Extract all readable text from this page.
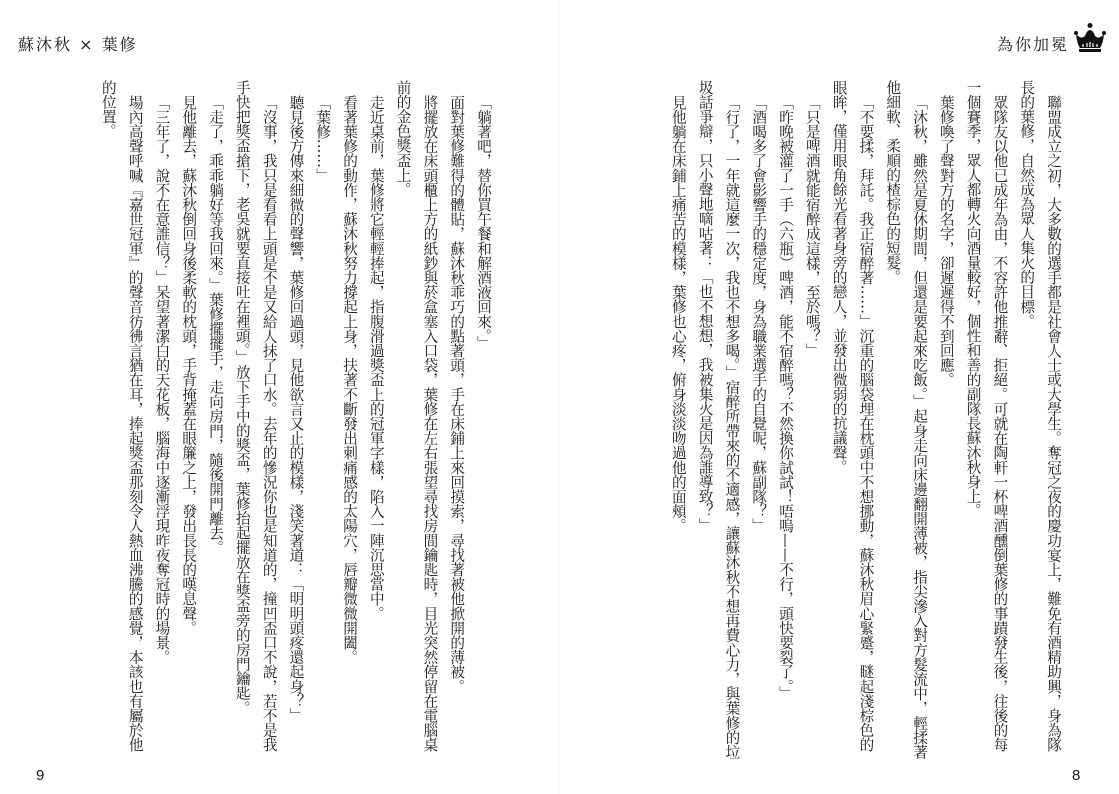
蘇沐秋 × 葉修	為你加冕

聯盟成立之初，大多數的選手都是社會人士或大學生。奪冠之夜的慶功宴上，難免有酒精助興，身為隊長的葉修，自然成為眾人集火的目標。

眾隊友以他已成年為由，不容許他推辭、拒絕。可就在陶軒一杯啤酒醺倒葉修的事蹟發生後，往後的每一個賽季，眾人都轉火向酒量較好，個性和善的副隊長蘇沐秋身上。

葉修喚了聲對方的名字，卻遲遲得不到回應。

「沐秋，雖然是夏休期間，但還是要起來吃飯。」起身走向床邊翻開薄被，指尖滲入對方髮流中，輕揉著他細軟、柔順的楂棕色的短髮。

「不要揉，拜託。我正宿醉著……」沉重的腦袋埋在枕頭中不想挪動，蘇沐秋眉心緊蹙，瞇起淺棕色的眼眸，僅用眼角餘光看著身旁的戀人，並發出微弱的抗議聲。

「只是啤酒就能宿醉成這樣，至於嗎？」

「昨晚被灌了一手（六瓶）啤酒，能不宿醉嗎？不然換你試試！唔嗚——不行，頭快要裂了。」

「酒喝多了會影響手的穩定度，身為職業選手的自覺呢，蘇副隊？」

「行了，一年就這麼一次，我也不想多喝。」宿醉所帶來的不適感，讓蘇沐秋不想再費心力，與葉修的垃圾話爭辯，只小聲地嘀咕著：「也不想想，我被集火是因為誰導致？」

見他躺在床鋪上痛苦的模樣，葉修也心疼，俯身淡淡吻過他的面頰。

「躺著吧，替你買午餐和解酒液回來。」

面對葉修難得的體貼，蘇沐秋乖巧的點著頭，手在床鋪上來回摸索，尋找著被他掀開的薄被。

將擺放在床頭櫃上方的紙鈔與菸盒塞入口袋，葉修在左右張望尋找房間鑰匙時，目光突然停留在電腦桌前的金色獎盃上。

走近桌前，葉修將它輕輕捧起，指腹滑過獎盃上的冠軍字樣，陷入一陣沉思當中。

看著葉修的動作，蘇沐秋努力撐起上身，扶著不斷發出刺痛感的太陽穴，唇瓣微微開闔。

「葉修……」

聽見後方傳來細微的聲響，葉修回過頭，見他欲言又止的模樣，淺笑著道：「明明頭疼還起身？」

「沒事，我只是看看上頭是不是又給人抹了口水。去年的慘況你也是知道的，撞凹盃口不說，若不是我手快把獎盃搶下，老吳就要直接吐在裡頭。」放下手中的獎盃，葉修抬起擺放在獎盃旁的房門鑰匙。

「走了，乖乖躺好等我回來。」葉修擺擺手，走向房門，隨後開門離去。

見他離去，蘇沐秋倒回身後柔軟的枕頭，手背掩蓋在眼簾之上，發出長長的嘆息聲。

「三年了，說不在意誰信？」呆望著潔白的天花板，腦海中逐漸浮現昨夜奪冠時的場景。

場內高聲呼喊『嘉世冠軍』的聲音彷彿言猶在耳，捧起獎盃那刻令人熱血沸騰的感覺，本該也有屬於他的位置。

9	8
